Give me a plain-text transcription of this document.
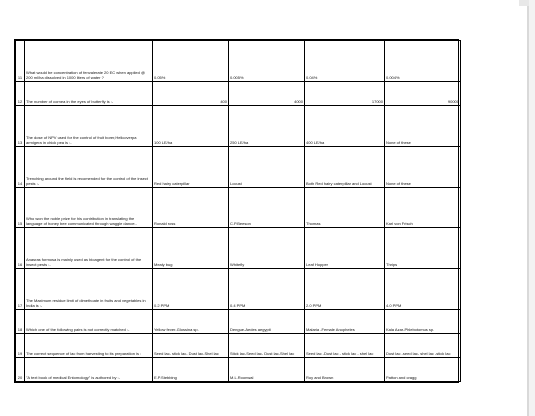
11	What would be concentration of fenvalerate 20 EC when applied @ 200 ml/ha dissolved in 1000 liters of water ?	0.05%	0.005%	0.04%	0.004%
12	The number of cornea in the eyes of butterfly is :-	400	4000	17000	90000
13	The dose of NPV used for the control of fruit borer,Helicoverpa armigera in chick pea is :-	100 LE/ha	250 LE/ha	400 LE/ha	None of these
14	Trenching around the field is recomended for the control of the insect pests :-	Red hairy caterpillar	Locust	Both Red hairy caterpillar and Locust	None of these
15	Who won the noble prize for his contribution in translating the language of honey bee communicated through waggle dance:-	Ronald ross	C.P.Beeson	Thomas	Karl von Frisch
16	Anasras formosa is mainly used as bioagent for the control of the insect pests :-	Mealy bug	Whitefly	Leaf Hopper	Thrips
17	The Maximum residue limit of dimethoate in fruits and vegetables in India is :-	0.2 PPM	0.4 PPM	2.0 PPM	4.0 PPM
18	Which one of the following pairs is not correctly matched :-	Yellow fever-Glossina sp.	Dengue-Aedes aegypti	Malaria -Female Anopheles	Kala Azar-Phlebotomus sp.
19	The correct sequence of lac from harvesting to its preparation is :	Seed lac- stick lac- Dust lac-Shel lac	Stick lac-Seed lac- Dust lac-Shel lac	Seed lac -Dust lac - stick lac - shel lac	Dust lac -seed lac- shel lac -stick lac
20	"A text book of medical Entomology" is authored by :-	E.P.Stebbing	M.L.Roonwal	Roy and Brown	Patton and cragg
